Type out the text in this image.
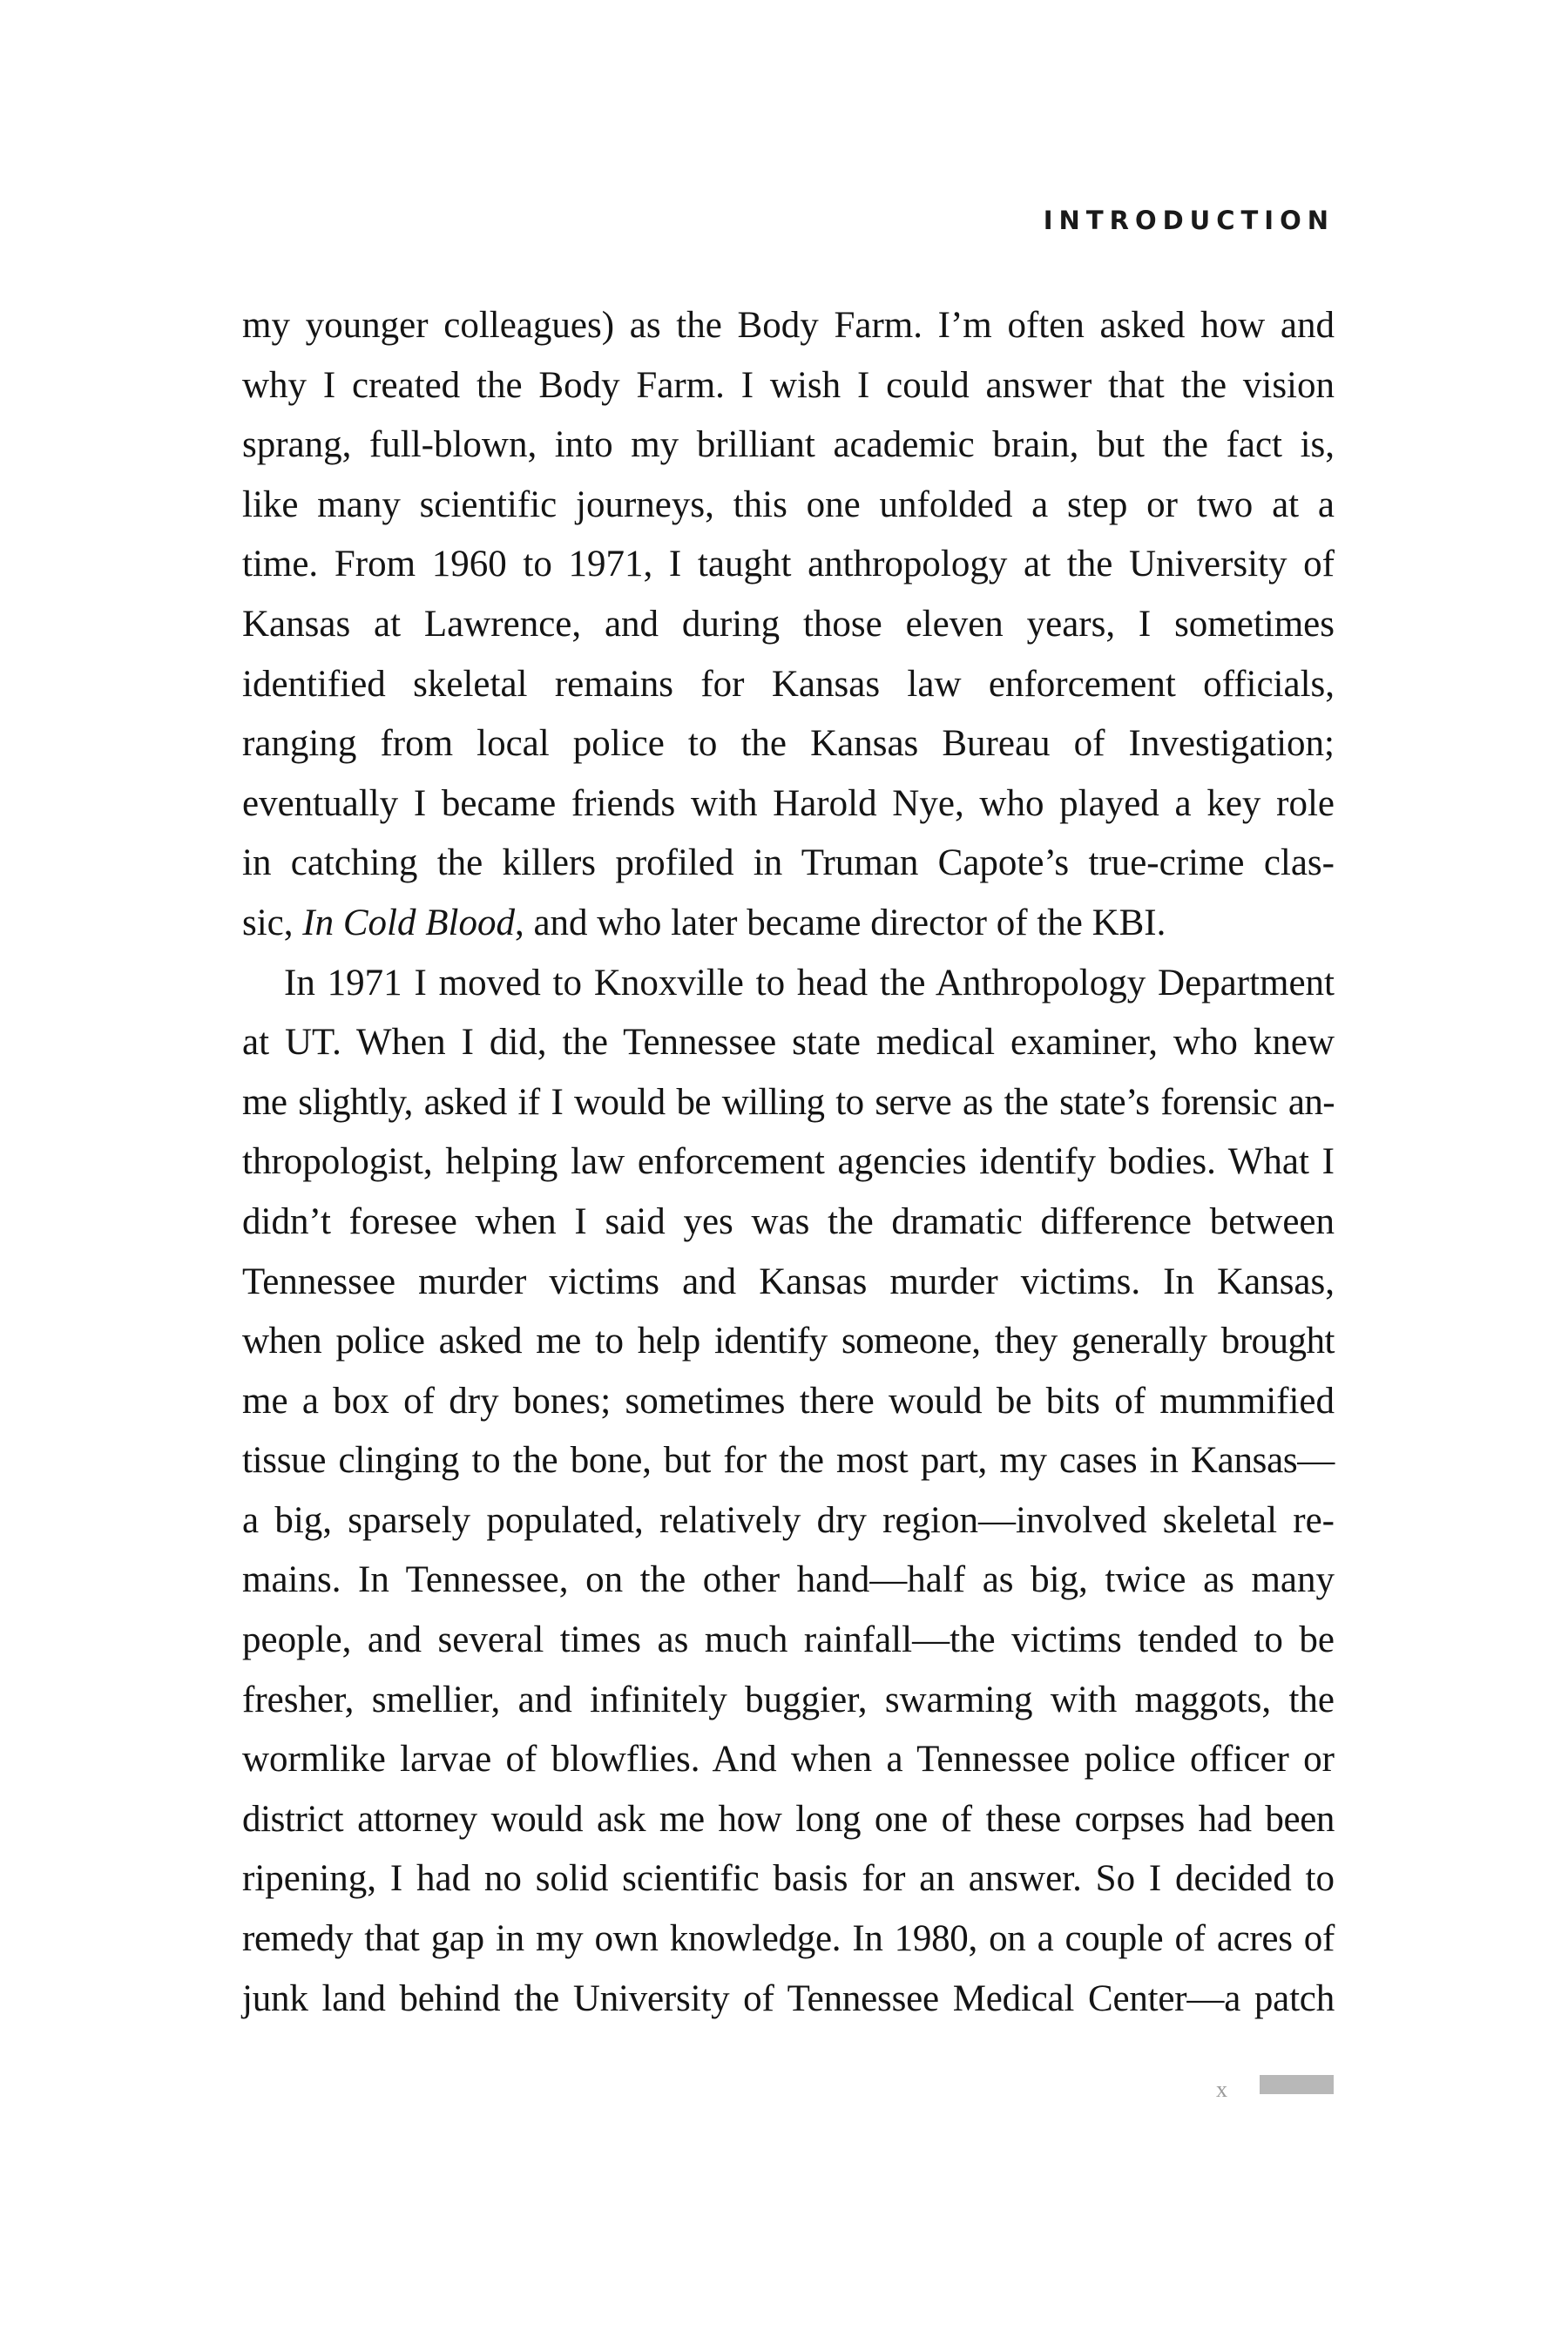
INTRODUCTION

my younger colleagues) as the Body Farm. I’m often asked how and
why I created the Body Farm. I wish I could answer that the vision
sprang, full-blown, into my brilliant academic brain, but the fact is,
like many scientific journeys, this one unfolded a step or two at a
time. From 1960 to 1971, I taught anthropology at the University of
Kansas at Lawrence, and during those eleven years, I sometimes
identified skeletal remains for Kansas law enforcement officials,
ranging from local police to the Kansas Bureau of Investigation;
eventually I became friends with Harold Nye, who played a key role
in catching the killers profiled in Truman Capote’s true-crime clas-
sic, In Cold Blood, and who later became director of the KBI.
In 1971 I moved to Knoxville to head the Anthropology Department
at UT. When I did, the Tennessee state medical examiner, who knew
me slightly, asked if I would be willing to serve as the state’s forensic an-
thropologist, helping law enforcement agencies identify bodies. What I
didn’t foresee when I said yes was the dramatic difference between
Tennessee murder victims and Kansas murder victims. In Kansas,
when police asked me to help identify someone, they generally brought
me a box of dry bones; sometimes there would be bits of mummified
tissue clinging to the bone, but for the most part, my cases in Kansas—
a big, sparsely populated, relatively dry region—involved skeletal re-
mains. In Tennessee, on the other hand—half as big, twice as many
people, and several times as much rainfall—the victims tended to be
fresher, smellier, and infinitely buggier, swarming with maggots, the
wormlike larvae of blowflies. And when a Tennessee police officer or
district attorney would ask me how long one of these corpses had been
ripening, I had no solid scientific basis for an answer. So I decided to
remedy that gap in my own knowledge. In 1980, on a couple of acres of
junk land behind the University of Tennessee Medical Center—a patch

x
